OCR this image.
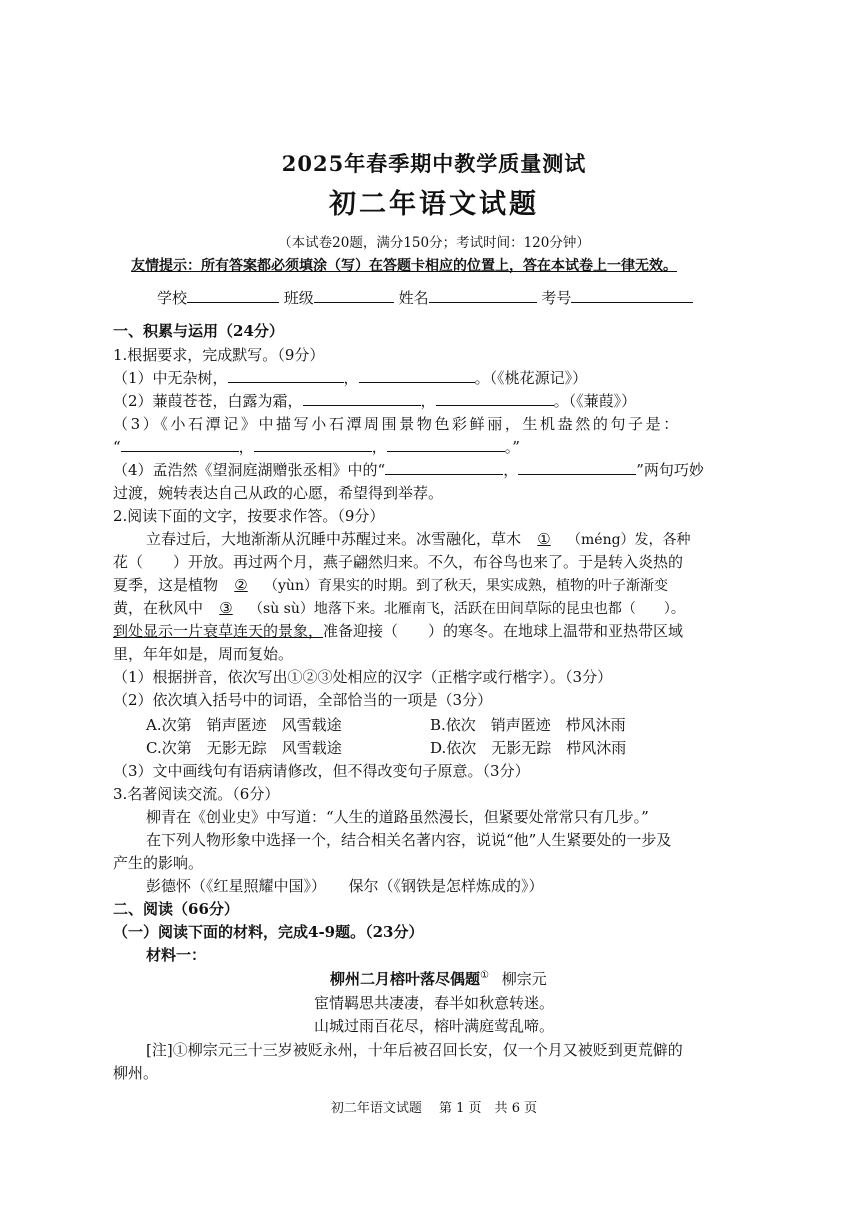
2025年春季期中教学质量测试
初二年语文试题
（本试卷20题，满分150分；考试时间：120分钟）
友情提示：所有答案都必须填涂（写）在答题卡相应的位置上，答在本试卷上一律无效。
学校	班级	姓名	考号
一、积累与运用（24分）
1.根据要求，完成默写。（9分）
（1）中无杂树，	，	。（《桃花源记》）
（2）蒹葭苍苍，白露为霜，	，	。（《蒹葭》）
（3）《小石潭记》中描写小石潭周围景物色彩鲜丽，生机盎然的句子是：
“	，	，	。”
（4）孟浩然《望洞庭湖赠张丞相》中的“	，	”两句巧妙
过渡，婉转表达自己从政的心愿，希望得到举荐。
2.阅读下面的文字，按要求作答。（9分）
立春过后，大地渐渐从沉睡中苏醒过来。冰雪融化，草木 ① （méng）发，各种
花（　　）开放。再过两个月，燕子翩然归来。不久，布谷鸟也来了。于是转入炎热的
夏季，这是植物 ② （yùn）育果实的时期。到了秋天，果实成熟，植物的叶子渐渐变
黄，在秋风中 ③ （sù sù）地落下来。北雁南飞，活跃在田间草际的昆虫也都（　　）。
到处显示一片衰草连天的景象，准备迎接（　　）的寒冬。在地球上温带和亚热带区域
里，年年如是，周而复始。
（1）根据拼音，依次写出①②③处相应的汉字（正楷字或行楷字）。（3分）
（2）依次填入括号中的词语，全部恰当的一项是（3分）
A.次第　销声匿迹　风雪载途	B.依次　销声匿迹　栉风沐雨
C.次第　无影无踪　风雪载途	D.依次　无影无踪　栉风沐雨
（3）文中画线句有语病请修改，但不得改变句子原意。（3分）
3.名著阅读交流。（6分）
柳青在《创业史》中写道：“人生的道路虽然漫长，但紧要处常常只有几步。”
在下列人物形象中选择一个，结合相关名著内容，说说“他”人生紧要处的一步及
产生的影响。
彭德怀（《红星照耀中国》）　　保尔（《钢铁是怎样炼成的》）
二、阅读（66分）
（一）阅读下面的材料，完成4-9题。（23分）
材料一：
柳州二月榕叶落尽偶题① 柳宗元
宦情羁思共凄凄，春半如秋意转迷。
山城过雨百花尽，榕叶满庭莺乱啼。
[注]①柳宗元三十三岁被贬永州，十年后被召回长安，仅一个月又被贬到更荒僻的
柳州。
初二年语文试题　 第 1 页　共 6 页
